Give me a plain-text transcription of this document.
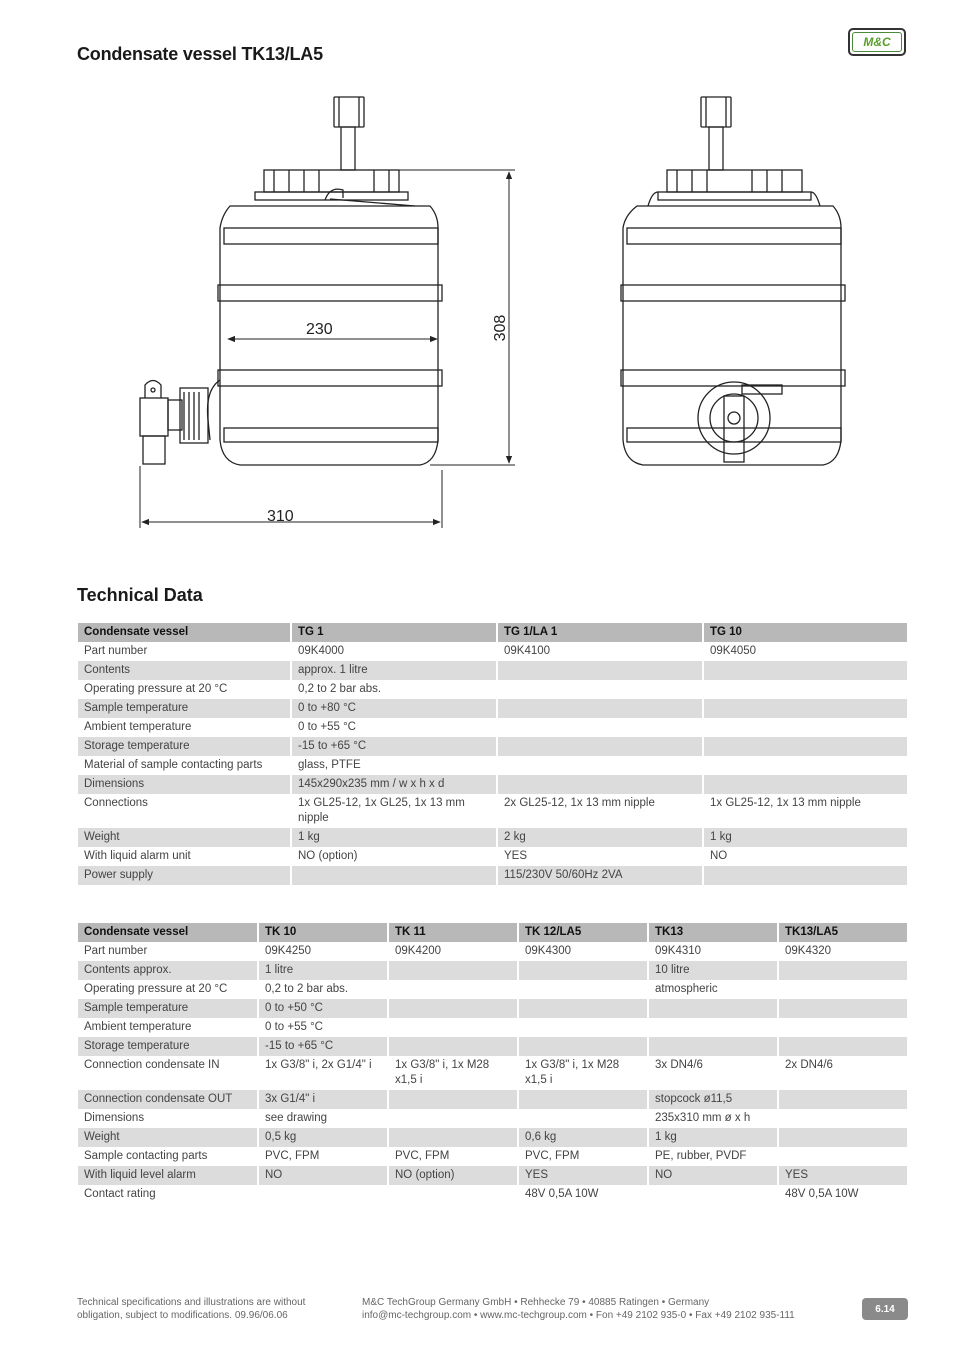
Condensate vessel TK13/LA5
M&C
230	308
310
Technical Data
Condensate vessel	TG 1	TG 1/LA 1	TG 10
Part number	09K4000	09K4100	09K4050
Contents	approx. 1 litre		
Operating pressure at 20 °C	0,2 to 2 bar abs.		
Sample temperature	0 to +80 °C		
Ambient temperature	0 to +55 °C		
Storage temperature	-15 to +65 °C		
Material of sample contacting parts	glass, PTFE		
Dimensions	145x290x235 mm / w x h x d		
Connections	1x GL25-12, 1x GL25, 1x 13 mm nipple	2x GL25-12, 1x 13 mm nipple	1x GL25-12, 1x 13 mm nipple
Weight	1 kg	2 kg	1 kg
With liquid alarm unit	NO (option)	YES	NO
Power supply		115/230V 50/60Hz 2VA	
Condensate vessel	TK 10	TK 11	TK 12/LA5	TK13	TK13/LA5
Part number	09K4250	09K4200	09K4300	09K4310	09K4320
Contents approx.	1 litre			10 litre	
Operating pressure at 20 °C	0,2 to 2 bar abs.			atmospheric	
Sample temperature	0 to +50 °C				
Ambient temperature	0 to +55 °C				
Storage temperature	-15 to +65 °C				
Connection condensate IN	1x G3/8" i, 2x G1/4" i	1x G3/8" i, 1x M28 x1,5 i	1x G3/8" i, 1x M28 x1,5 i	3x DN4/6	2x DN4/6
Connection condensate OUT	3x G1/4" i			stopcock ø11,5	
Dimensions	see drawing			235x310 mm ø x h	
Weight	0,5 kg		0,6 kg	1 kg	
Sample contacting parts	PVC, FPM	PVC, FPM	PVC, FPM	PE, rubber, PVDF	
With liquid level alarm	NO	NO (option)	YES	NO	YES
Contact rating			48V 0,5A 10W		48V 0,5A 10W
Technical specifications and illustrations are without
obligation, subject to modifications. 09.96/06.06
M&C TechGroup Germany GmbH • Rehhecke 79 • 40885 Ratingen • Germany
info@mc-techgroup.com • www.mc-techgroup.com • Fon +49 2102 935-0 • Fax +49 2102 935-111
6.14
